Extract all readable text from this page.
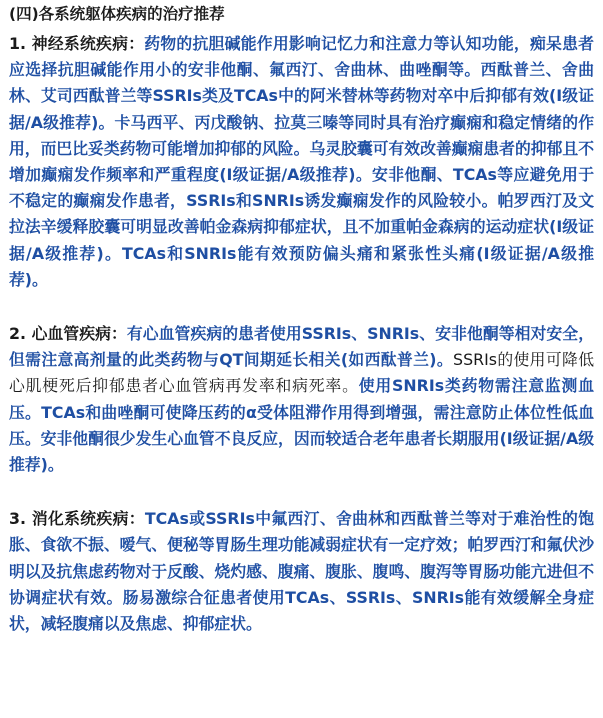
(四)各系统躯体疾病的治疗推荐

1. 神经系统疾病：药物的抗胆碱能作用影响记忆力和注意力等认知功能，痴呆患者应选择抗胆碱能作用小的安非他酮、氟西汀、舍曲林、曲唑酮等。西酞普兰、舍曲林、艾司西酞普兰等SSRIs类及TCAs中的阿米替林等药物对卒中后抑郁有效(I级证据/A级推荐)。卡马西平、丙戊酸钠、拉莫三嗪等同时具有治疗癫痫和稳定情绪的作用，而巴比妥类药物可能增加抑郁的风险。乌灵胶囊可有效改善癫痫患者的抑郁且不增加癫痫发作频率和严重程度(I级证据/A级推荐)。安非他酮、TCAs等应避免用于不稳定的癫痫发作患者，SSRIs和SNRIs诱发癫痫发作的风险较小。帕罗西汀及文拉法辛缓释胶囊可明显改善帕金森病抑郁症状，且不加重帕金森病的运动症状(I级证据/A级推荐)。TCAs和SNRIs能有效预防偏头痛和紧张性头痛(I级证据/A级推荐)。

2. 心血管疾病：有心血管疾病的患者使用SSRIs、SNRIs、安非他酮等相对安全，但需注意高剂量的此类药物与QT间期延长相关(如西酞普兰)。SSRIs的使用可降低心肌梗死后抑郁患者心血管病再发率和病死率。使用SNRIs类药物需注意监测血压。TCAs和曲唑酮可使降压药的α受体阻滞作用得到增强，需注意防止体位性低血压。安非他酮很少发生心血管不良反应，因而较适合老年患者长期服用(I级证据/A级推荐)。

3. 消化系统疾病：TCAs或SSRIs中氟西汀、舍曲林和西酞普兰等对于难治性的饱胀、食欲不振、嗳气、便秘等胃肠生理功能减弱症状有一定疗效；帕罗西汀和氟伏沙明以及抗焦虑药物对于反酸、烧灼感、腹痛、腹胀、腹鸣、腹泻等胃肠功能亢进但不协调症状有效。肠易激综合征患者使用TCAs、SSRIs、SNRIs能有效缓解全身症状，减轻腹痛以及焦虑、抑郁症状。
